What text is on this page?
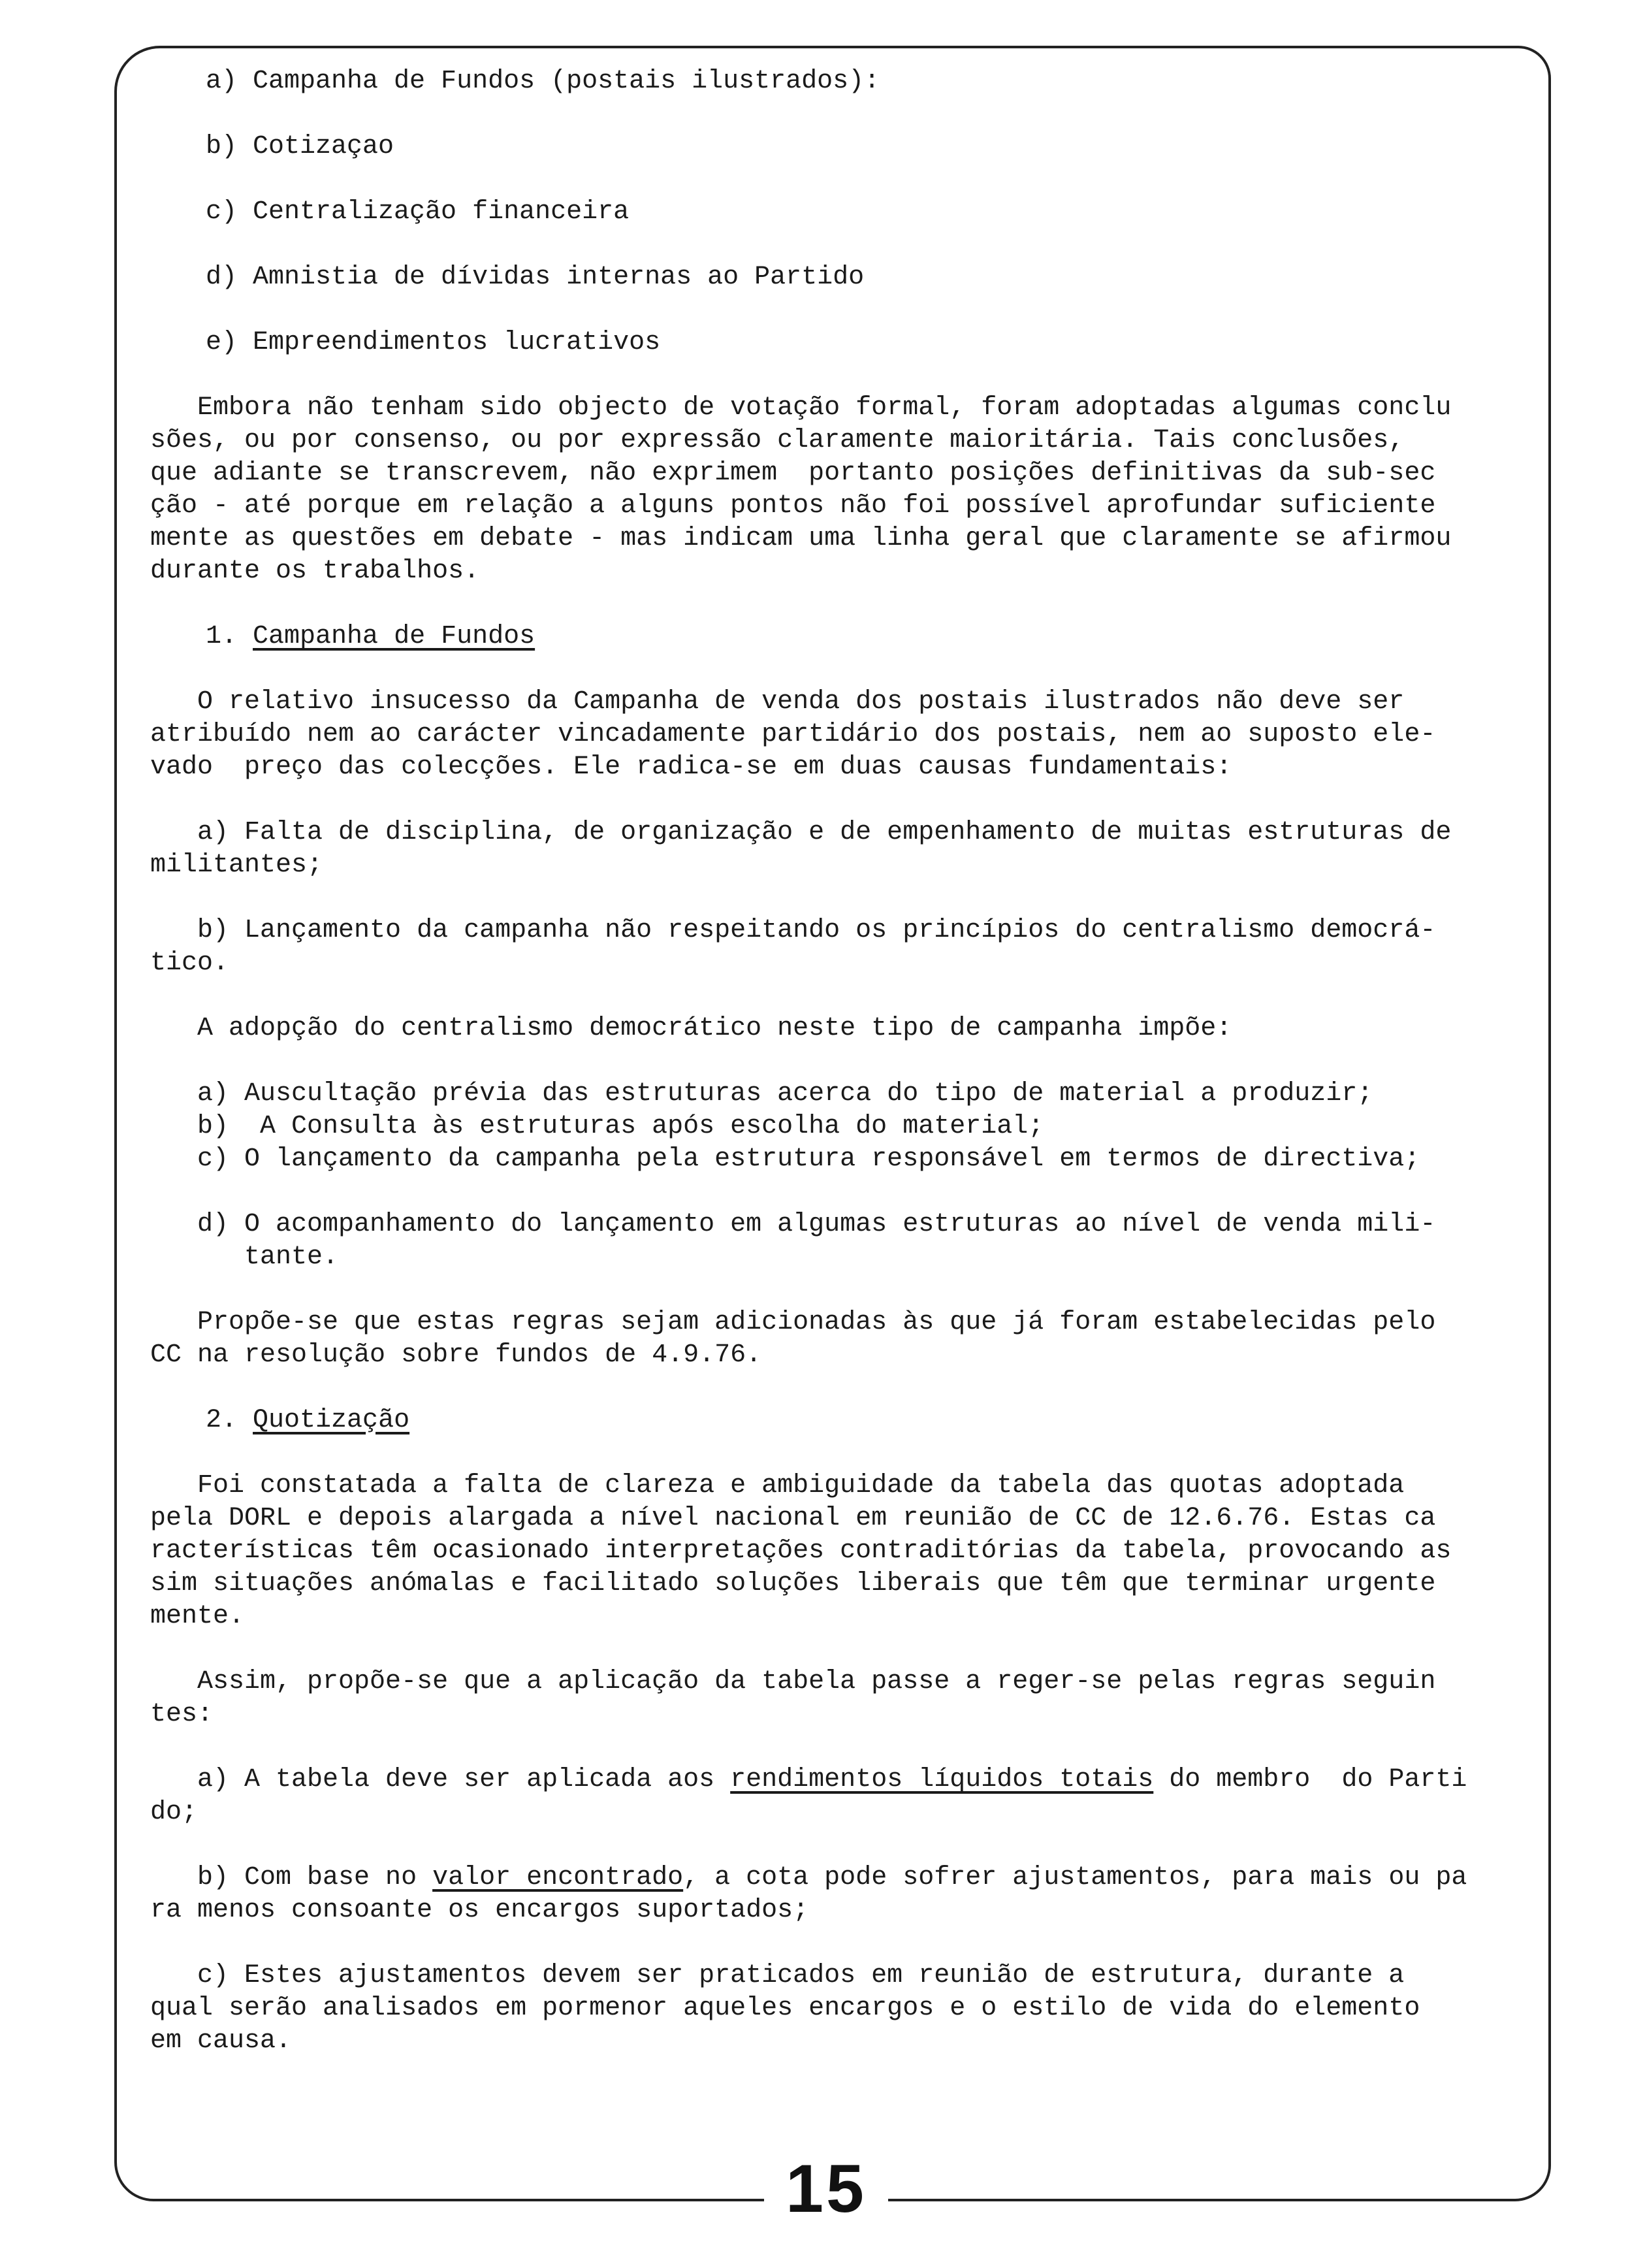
15

a) Campanha de Fundos (postais ilustrados):

b) Cotizaçao

c) Centralização financeira

d) Amnistia de dívidas internas ao Partido

e) Empreendimentos lucrativos

Embora não tenham sido objecto de votação formal, foram adoptadas algumas conclu

sões, ou por consenso, ou por expressão claramente maioritária. Tais conclusões,

que adiante se transcrevem, não exprimem  portanto posições definitivas da sub-sec

ção - até porque em relação a alguns pontos não foi possível aprofundar suficiente

mente as questões em debate - mas indicam uma linha geral que claramente se afirmou

durante os trabalhos.

1. Campanha de Fundos

O relativo insucesso da Campanha de venda dos postais ilustrados não deve ser

atribuído nem ao carácter vincadamente partidário dos postais, nem ao suposto ele-

vado  preço das colecções. Ele radica-se em duas causas fundamentais:

a) Falta de disciplina, de organização e de empenhamento de muitas estruturas de

militantes;

b) Lançamento da campanha não respeitando os princípios do centralismo democrá-

tico.

A adopção do centralismo democrático neste tipo de campanha impõe:

a) Auscultação prévia das estruturas acerca do tipo de material a produzir;

b)  A Consulta às estruturas após escolha do material;

c) O lançamento da campanha pela estrutura responsável em termos de directiva;

d) O acompanhamento do lançamento em algumas estruturas ao nível de venda mili-

tante.

Propõe-se que estas regras sejam adicionadas às que já foram estabelecidas pelo

CC na resolução sobre fundos de 4.9.76.

2. Quotização

Foi constatada a falta de clareza e ambiguidade da tabela das quotas adoptada

pela DORL e depois alargada a nível nacional em reunião de CC de 12.6.76. Estas ca

racterísticas têm ocasionado interpretações contraditórias da tabela, provocando as

sim situações anómalas e facilitado soluções liberais que têm que terminar urgente

mente.

Assim, propõe-se que a aplicação da tabela passe a reger-se pelas regras seguin

tes:

a) A tabela deve ser aplicada aos rendimentos líquidos totais do membro  do Parti

do;

b) Com base no valor encontrado, a cota pode sofrer ajustamentos, para mais ou pa

ra menos consoante os encargos suportados;

c) Estes ajustamentos devem ser praticados em reunião de estrutura, durante a

qual serão analisados em pormenor aqueles encargos e o estilo de vida do elemento

em causa.
